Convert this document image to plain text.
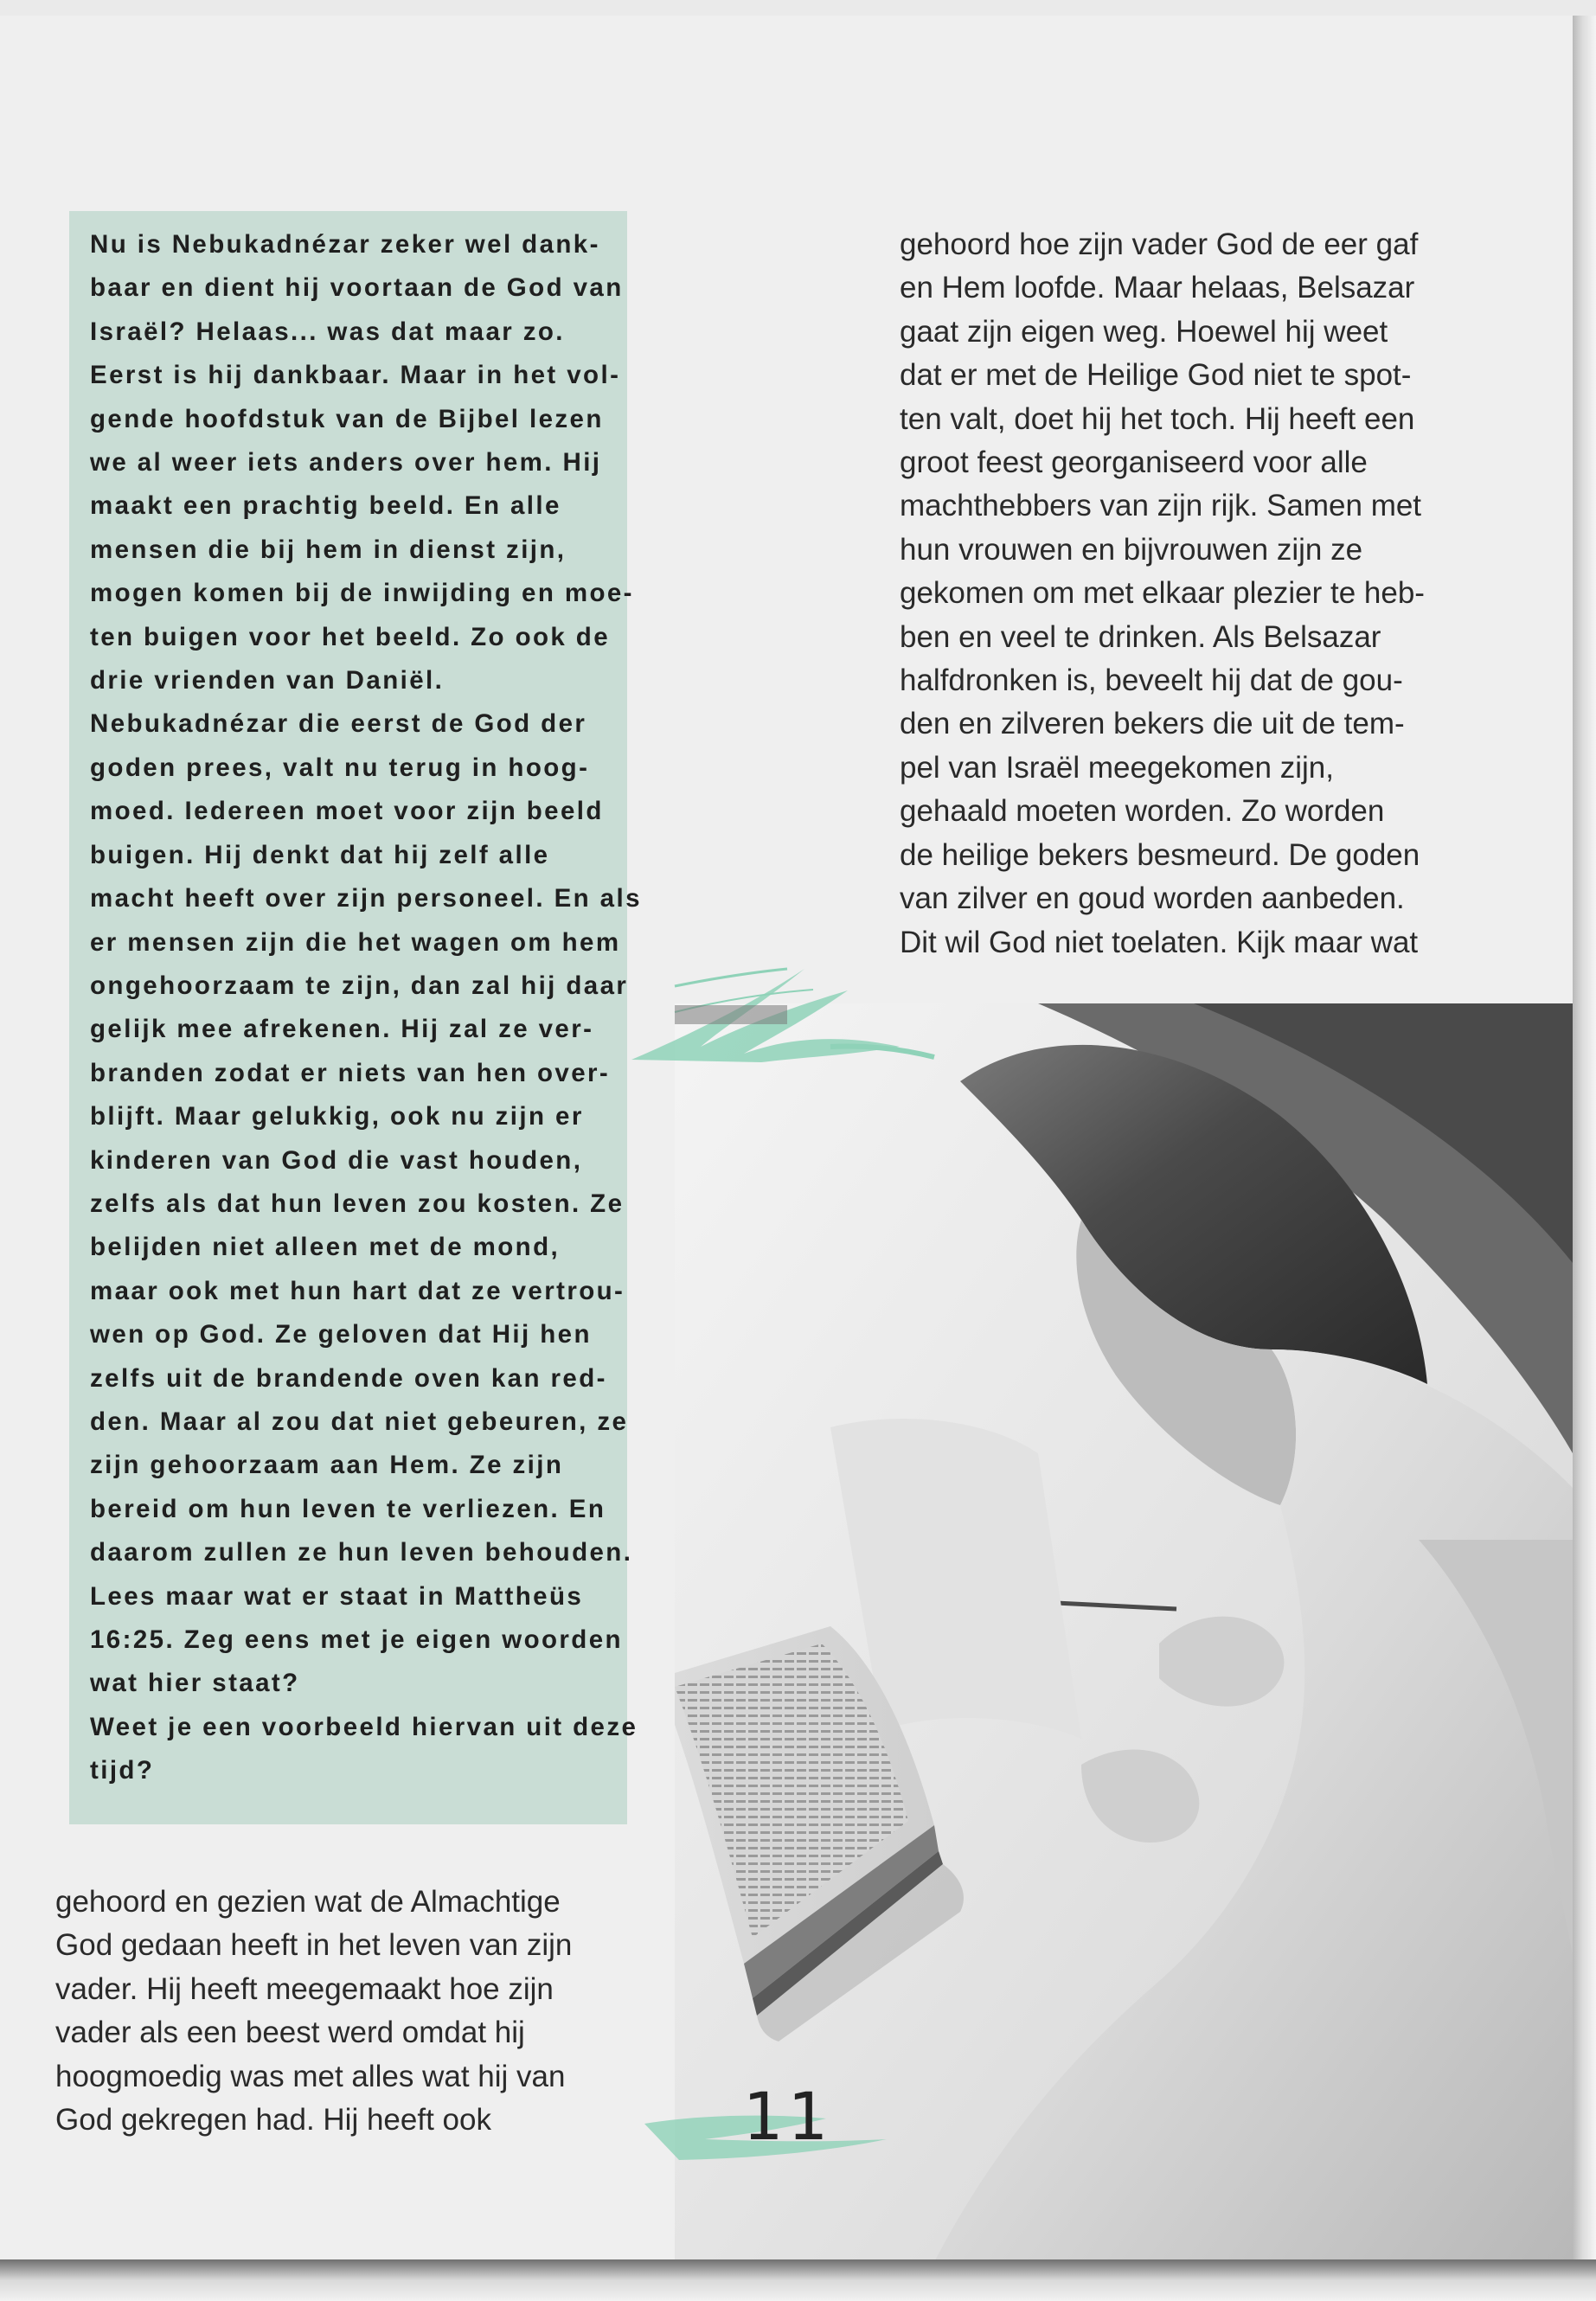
Nu is Nebukadnézar zeker wel dank-
baar en dient hij voortaan de God van
Israël? Helaas... was dat maar zo.
Eerst is hij dankbaar. Maar in het vol-
gende hoofdstuk van de Bijbel lezen
we al weer iets anders over hem. Hij
maakt een prachtig beeld. En alle
mensen die bij hem in dienst zijn,
mogen komen bij de inwijding en moe-
ten buigen voor het beeld. Zo ook de
drie vrienden van Daniël.
Nebukadnézar die eerst de God der
goden prees, valt nu terug in hoog-
moed. Iedereen moet voor zijn beeld
buigen. Hij denkt dat hij zelf alle
macht heeft over zijn personeel. En als
er mensen zijn die het wagen om hem
ongehoorzaam te zijn, dan zal hij daar
gelijk mee afrekenen. Hij zal ze ver-
branden zodat er niets van hen over-
blijft. Maar gelukkig, ook nu zijn er
kinderen van God die vast houden,
zelfs als dat hun leven zou kosten. Ze
belijden niet alleen met de mond,
maar ook met hun hart dat ze vertrou-
wen op God. Ze geloven dat Hij hen
zelfs uit de brandende oven kan red-
den. Maar al zou dat niet gebeuren, ze
zijn gehoorzaam aan Hem. Ze zijn
bereid om hun leven te verliezen. En
daarom zullen ze hun leven behouden.
Lees maar wat er staat in Mattheüs
16:25. Zeg eens met je eigen woorden
wat hier staat?
Weet je een voorbeeld hiervan uit deze
tijd?
gehoord hoe zijn vader God de eer gaf
en Hem loofde. Maar helaas, Belsazar
gaat zijn eigen weg. Hoewel hij weet
dat er met de Heilige God niet te spot-
ten valt, doet hij het toch. Hij heeft een
groot feest georganiseerd voor alle
machthebbers van zijn rijk. Samen met
hun vrouwen en bijvrouwen zijn ze
gekomen om met elkaar plezier te heb-
ben en veel te drinken. Als Belsazar
halfdronken is, beveelt hij dat de gou-
den en zilveren bekers die uit de tem-
pel van Israël meegekomen zijn,
gehaald moeten worden. Zo worden
de heilige bekers besmeurd. De goden
van zilver en goud worden aanbeden.
Dit wil God niet toelaten. Kijk maar wat
gehoord en gezien wat de Almachtige
God gedaan heeft in het leven van zijn
vader. Hij heeft meegemaakt hoe zijn
vader als een beest werd omdat hij
hoogmoedig was met alles wat hij van
God gekregen had. Hij heeft ook	11
